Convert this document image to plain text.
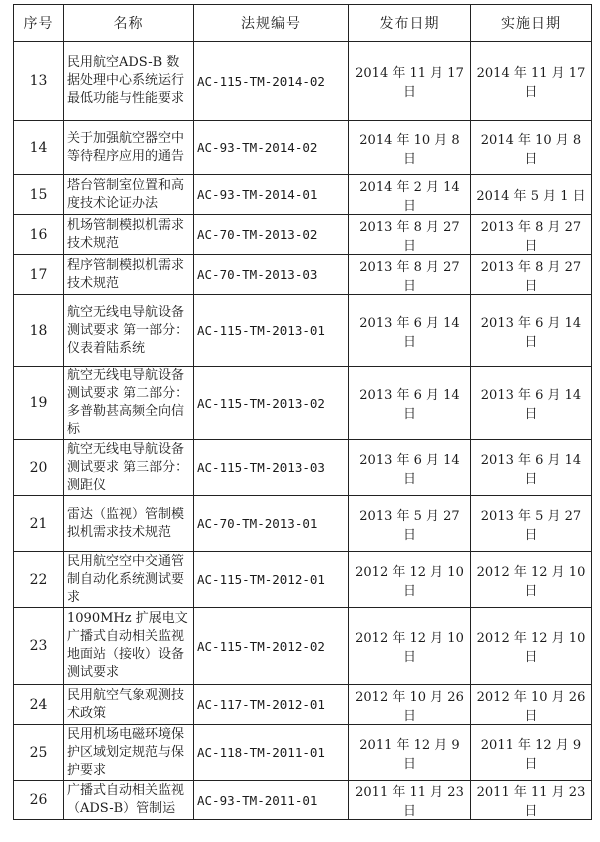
序号	名称	法规编号	发布日期	实施日期
13	民用航空ADS-B 数据处理中心系统运行最低功能与性能要求	AC-115-TM-2014-02	2014 年 11 月 17 日	2014 年 11 月 17 日
14	关于加强航空器空中等待程序应用的通告	AC-93-TM-2014-02	2014 年 10 月 8 日	2014 年 10 月 8 日
15	塔台管制室位置和高度技术论证办法	AC-93-TM-2014-01	2014 年 2 月 14 日	2014 年 5 月 1 日
16	机场管制模拟机需求技术规范	AC-70-TM-2013-02	2013 年 8 月 27 日	2013 年 8 月 27 日
17	程序管制模拟机需求技术规范	AC-70-TM-2013-03	2013 年 8 月 27 日	2013 年 8 月 27 日
18	航空无线电导航设备测试要求 第一部分：仪表着陆系统	AC-115-TM-2013-01	2013 年 6 月 14 日	2013 年 6 月 14 日
19	航空无线电导航设备测试要求 第二部分：多普勒甚高频全向信标	AC-115-TM-2013-02	2013 年 6 月 14 日	2013 年 6 月 14 日
20	航空无线电导航设备测试要求 第三部分：测距仪	AC-115-TM-2013-03	2013 年 6 月 14 日	2013 年 6 月 14 日
21	雷达（监视）管制模拟机需求技术规范	AC-70-TM-2013-01	2013 年 5 月 27 日	2013 年 5 月 27 日
22	民用航空空中交通管制自动化系统测试要求	AC-115-TM-2012-01	2012 年 12 月 10 日	2012 年 12 月 10 日
23	1090MHz 扩展电文广播式自动相关监视地面站（接收）设备测试要求	AC-115-TM-2012-02	2012 年 12 月 10 日	2012 年 12 月 10 日
24	民用航空气象观测技术政策	AC-117-TM-2012-01	2012 年 10 月 26 日	2012 年 10 月 26 日
25	民用机场电磁环境保护区域划定规范与保护要求	AC-118-TM-2011-01	2011 年 12 月 9 日	2011 年 12 月 9 日
26	广播式自动相关监视（ADS-B）管制运	AC-93-TM-2011-01	2011 年 11 月 23 日	2011 年 11 月 23 日
